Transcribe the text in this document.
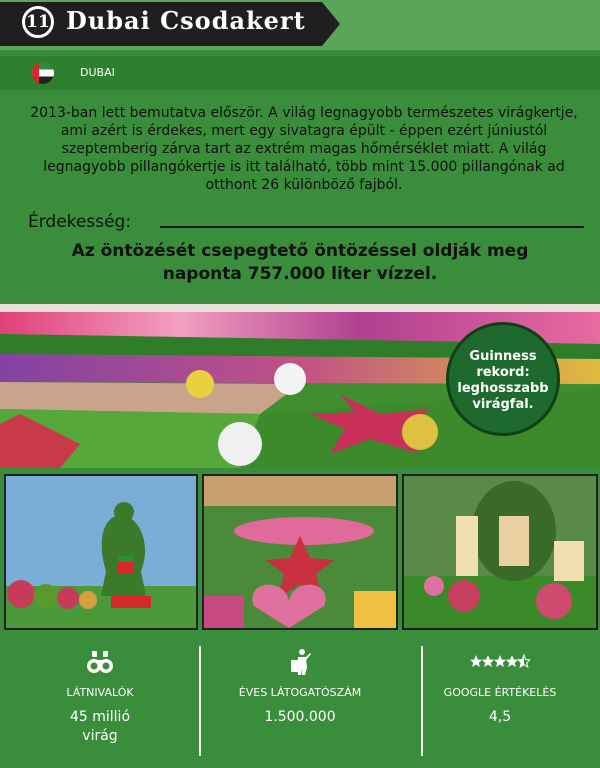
11 Dubai Csodakert
DUBAI
2013-ban lett bemutatva először. A világ legnagyobb természetes virágkertje, ami azért is érdekes, mert egy sivatagra épült - éppen ezért júniustól szeptemberig zárva tart az extrém magas hőmérséklet miatt. A világ legnagyobb pillangókertje is itt található, több mint 15.000 pillangónak ad otthont 26 különböző fajból.
Érdekesség:
Az öntözését csepegtető öntözéssel oldják meg naponta 757.000 liter vízzel.
Guinness
rekord:
leghosszabb
virágfal.
LÁTNIVALÓK
45 millió
virág
ÉVES LÁTOGATÓSZÁM
1.500.000
GOOGLE ÉRTÉKELÉS
4,5
